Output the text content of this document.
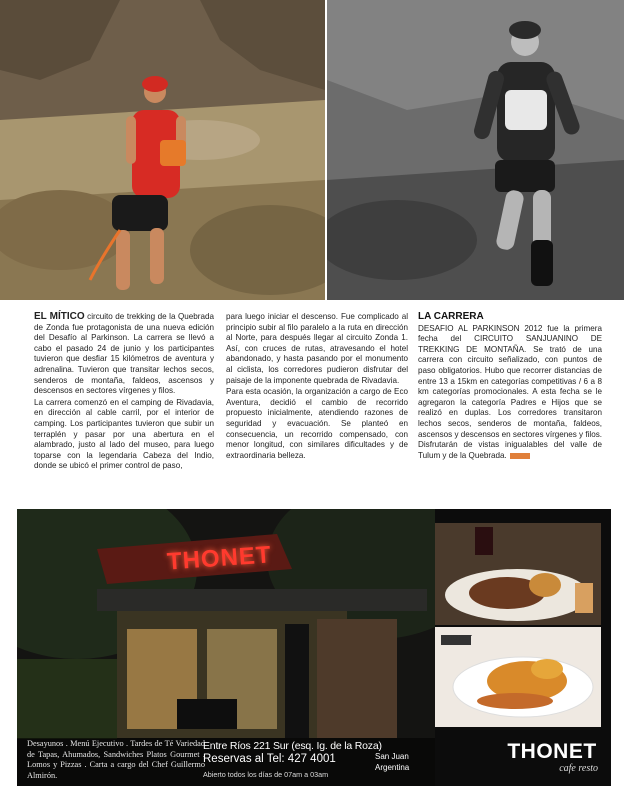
EL MÍTICO circuito de trekking de la Quebrada de Zonda fue protagonista de una nueva edición del Desafío al Parkinson. La carrera se llevó a cabo el pasado 24 de junio y los participantes tuvieron que desfiar 15 kilómetros de aventura y adrenalina. Tuvieron que transitar lechos secos, senderos de montaña, faldeos, ascensos y descensos en sectores vírgenes y filos.

La carrera comenzó en el camping de Rivadavia, en dirección al cable carril, por el interior de camping. Los participantes tuvieron que subir un terraplén y pasar por una abertura en el alambrado, justo al lado del museo, para luego toparse con la legendaria Cabeza del Indio, donde se ubicó el primer control de paso,

para luego iniciar el descenso. Fue complicado al principio subir al filo paralelo a la ruta en dirección al Norte, para después llegar al circuito Zonda 1. Así, con cruces de rutas, atravesando el hotel abandonado, y hasta pasando por el monumento al ciclista, los corredores pudieron disfrutar del paisaje de la imponente quebrada de Rivadavia.

Para esta ocasión, la organización a cargo de Eco Aventura, decidió el cambio de recorrido propuesto inicialmente, atendiendo razones de seguridad y evacuación. Se planteó en consecuencia, un recorrido compensado, con menor longitud, con similares dificultades y de extraordinaria belleza.

LA CARRERA

DESAFIO AL PARKINSON 2012 fue la primera fecha del CIRCUITO SANJUANINO DE TREKKING DE MONTAÑA. Se trató de una carrera con circuito señalizado, con puntos de paso obligatorios. Hubo que recorrer distancias de entre 13 a 15km en categorías competitivas / 6 a 8 km categorías promocionales. A esta fecha se le agregaron la categoría Padres e Hijos que se realizó en duplas. Los corredores transitaron lechos secos, senderos de montaña, faldeos, ascensos y descensos en sectores vírgenes y filos. Disfrutarán de vistas inigualables del valle de Tulum y de la Quebrada.

THONET
THONET
Desayunos . Menú Ejecutivo . Tardes de Té Variedad de Tapas, Ahumados, Sandwiches Platos Gourmet . Lomos y Pizzas . Carta a cargo del Chef Guillermo Almirón.
Entre Ríos 221 Sur (esq. Ig. de la Roza)
Reservas al Tel: 427 4001
Abierto todos los días de 07am a 03am
San Juan
Argentina
THONET
cafe resto
